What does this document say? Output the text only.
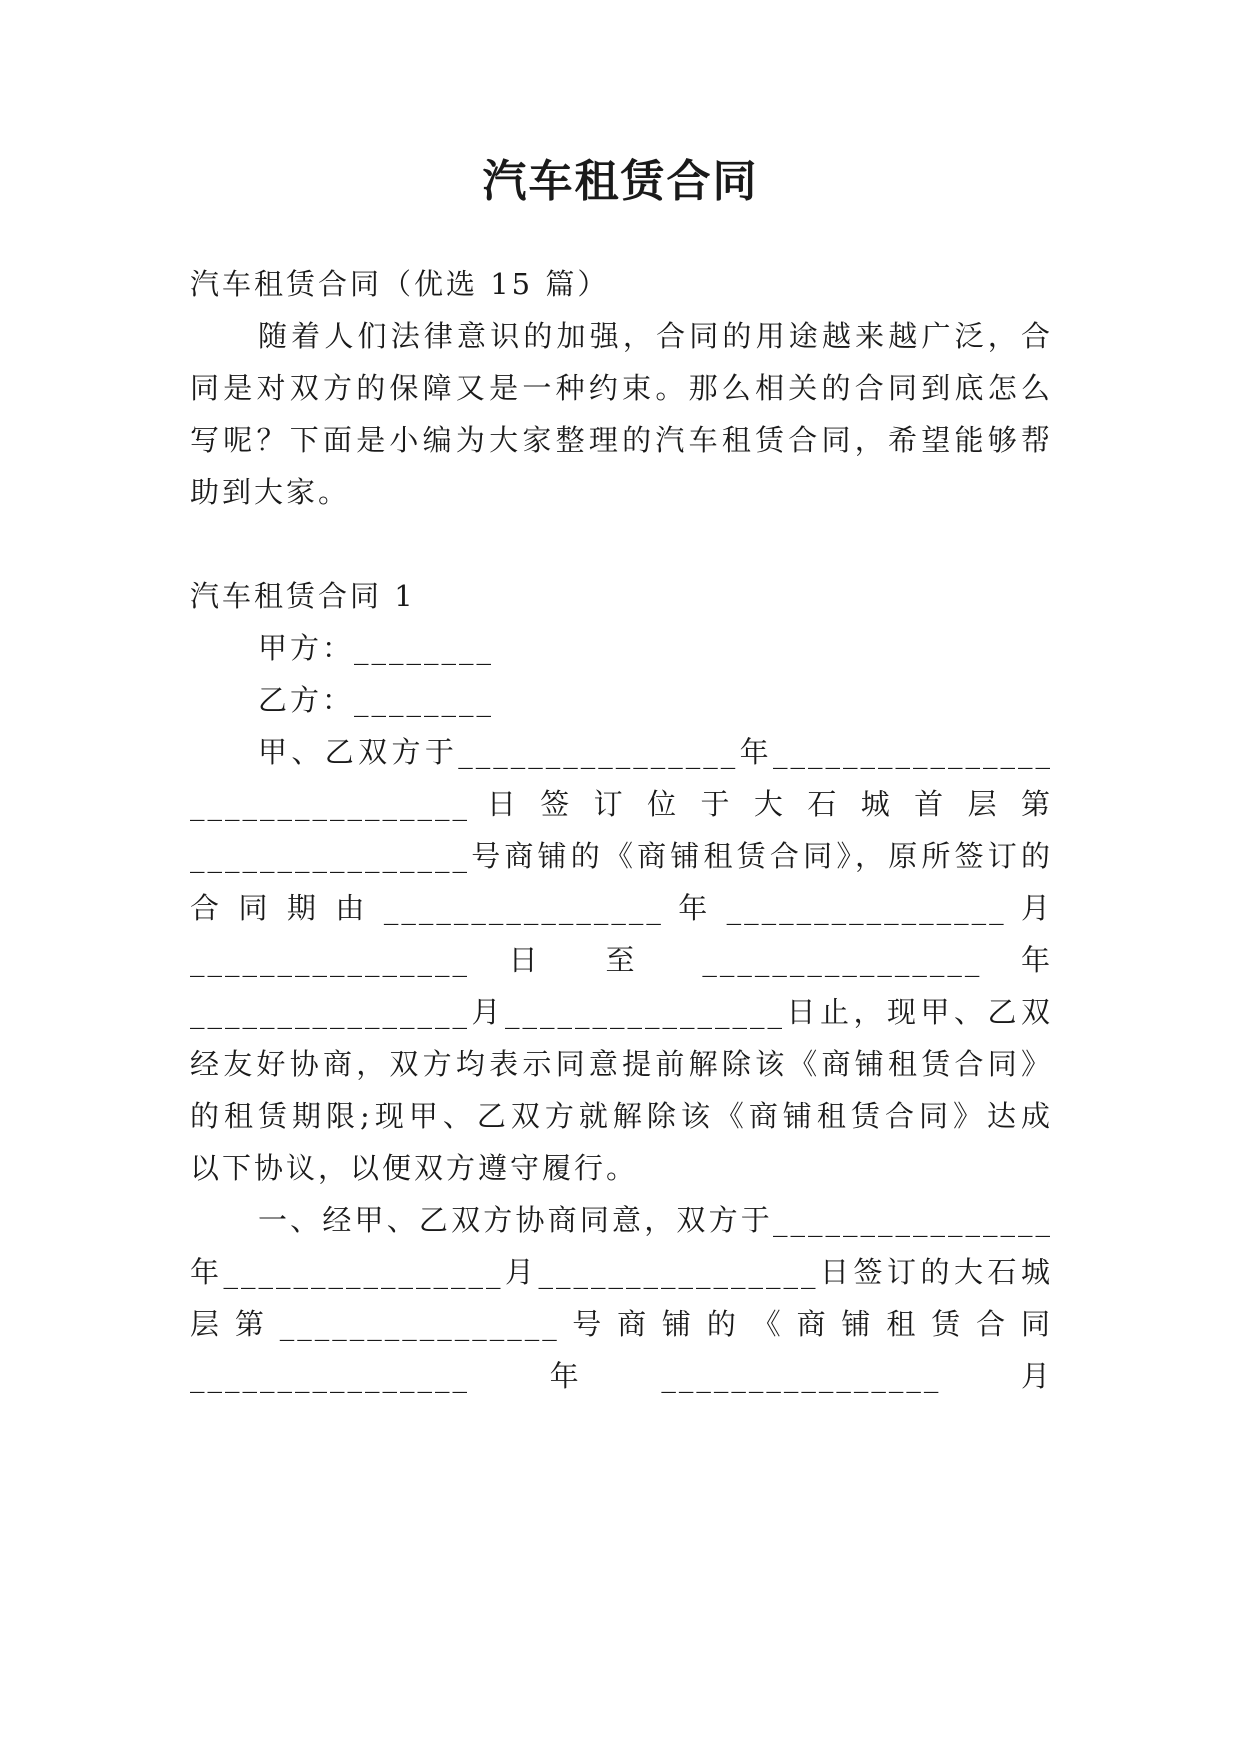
汽车租赁合同
汽车租赁合同（优选 15 篇）
随着人们法律意识的加强，合同的用途越来越广泛，合
同是对双方的保障又是一种约束。那么相关的合同到底怎么
写呢？下面是小编为大家整理的汽车租赁合同，希望能够帮
助到大家。
汽车租赁合同 1
甲方：________
乙方：________
甲、乙双方于________________年________________
________________ 日 签 订 位 于 大 石 城 首 层 第
________________号商铺的《商铺租赁合同》，原所签订的
合 同 期 由 ________________ 年 ________________ 月
________________ 日 至 ________________ 年
________________月________________日止，现甲、乙双
经友好协商，双方均表示同意提前解除该《商铺租赁合同》
的租赁期限;现甲、乙双方就解除该《商铺租赁合同》达成
以下协议，以便双方遵守履行。
一、经甲、乙双方协商同意，双方于________________
年________________月________________日签订的大石城
层 第 ________________ 号 商 铺 的 《 商 铺 租 赁 合 同
________________年________________月
